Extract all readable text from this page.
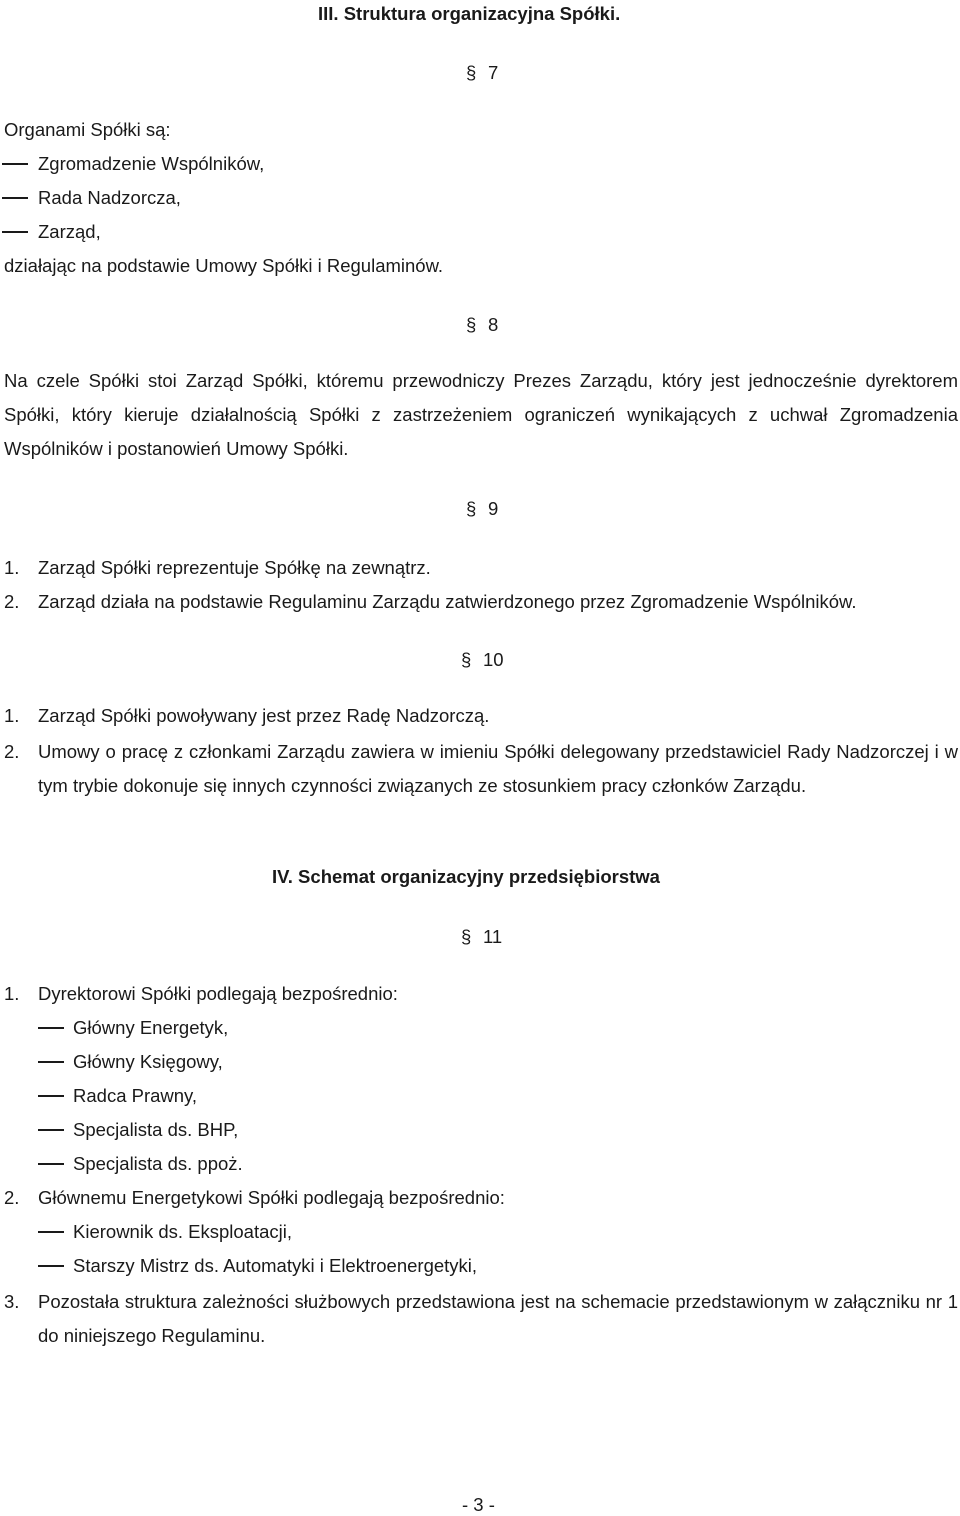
III. Struktura organizacyjna Spółki.
§ 7
Organami Spółki są:
Zgromadzenie Wspólników,
Rada Nadzorcza,
Zarząd,
działając na podstawie Umowy Spółki i Regulaminów.
§ 8
Na czele Spółki stoi Zarząd Spółki, któremu przewodniczy Prezes Zarządu, który jest jednocześnie dyrektorem Spółki, który kieruje działalnością Spółki z zastrzeżeniem ograniczeń wynikających z uchwał Zgromadzenia Wspólników i postanowień Umowy Spółki.
§ 9
1. Zarząd Spółki reprezentuje Spółkę na zewnątrz.
2. Zarząd działa na podstawie Regulaminu Zarządu zatwierdzonego przez Zgromadzenie Wspólników.
§ 10
1. Zarząd Spółki powoływany jest przez Radę Nadzorczą.
2. Umowy o pracę z członkami Zarządu zawiera w imieniu Spółki delegowany przedstawiciel Rady Nadzorczej i w tym trybie dokonuje się innych czynności związanych ze stosunkiem pracy członków Zarządu.
IV. Schemat organizacyjny przedsiębiorstwa
§ 11
1. Dyrektorowi Spółki podlegają bezpośrednio:
Główny Energetyk,
Główny Księgowy,
Radca Prawny,
Specjalista ds. BHP,
Specjalista ds. ppoż.
2. Głównemu Energetykowi Spółki podlegają bezpośrednio:
Kierownik ds. Eksploatacji,
Starszy Mistrz ds. Automatyki i Elektroenergetyki,
3. Pozostała struktura zależności służbowych przedstawiona jest na schemacie przedstawionym w załączniku nr 1 do niniejszego Regulaminu.
- 3 -
